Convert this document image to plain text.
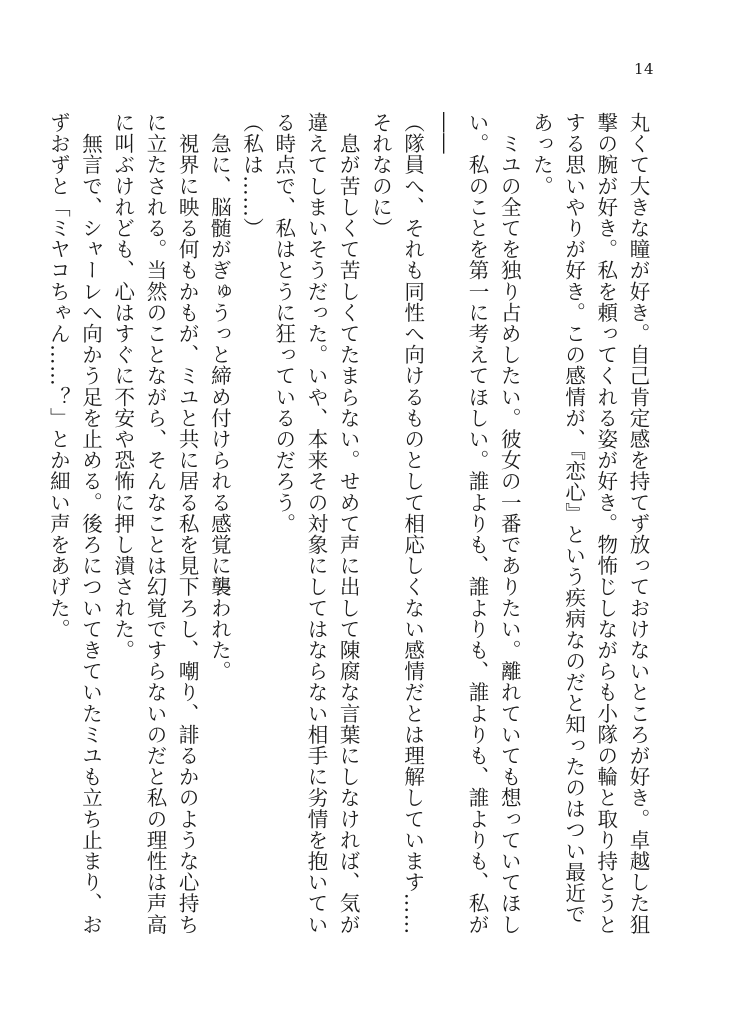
14

丸くて大きな瞳が好き。自己肯定感を持てず放っておけないところが好き。卓越した狙撃の腕が好き。私を頼ってくれる姿が好き。物怖じしながらも小隊の輪と取り持とうとする思いやりが好き。この感情が、『恋心』という疾病なのだと知ったのはつい最近であった。

　ミユの全てを独り占めしたい。彼女の一番でありたい。離れていても想っていてほしい。私のことを第一に考えてほしい。誰よりも、誰よりも、誰よりも、誰よりも、私が――

（隊員へ、それも同性へ向けるものとして相応しくない感情だとは理解しています……それなのに）

　息が苦しくて苦しくてたまらない。せめて声に出して陳腐な言葉にしなければ、気が違えてしまいそうだった。いや、本来その対象にしてはならない相手に劣情を抱いている時点で、私はとうに狂っているのだろう。

（私は……）

　急に、脳髄がぎゅうっと締め付けられる感覚に襲われた。

　視界に映る何もかもが、ミユと共に居る私を見下ろし、嘲り、誹るかのような心持ちに立たされる。当然のことながら、そんなことは幻覚ですらないのだと私の理性は声高に叫ぶけれども、心はすぐに不安や恐怖に押し潰された。

　無言で、シャーレへ向かう足を止める。後ろについてきていたミユも立ち止まり、おずおずと「ミヤコちゃん……？」とか細い声をあげた。
